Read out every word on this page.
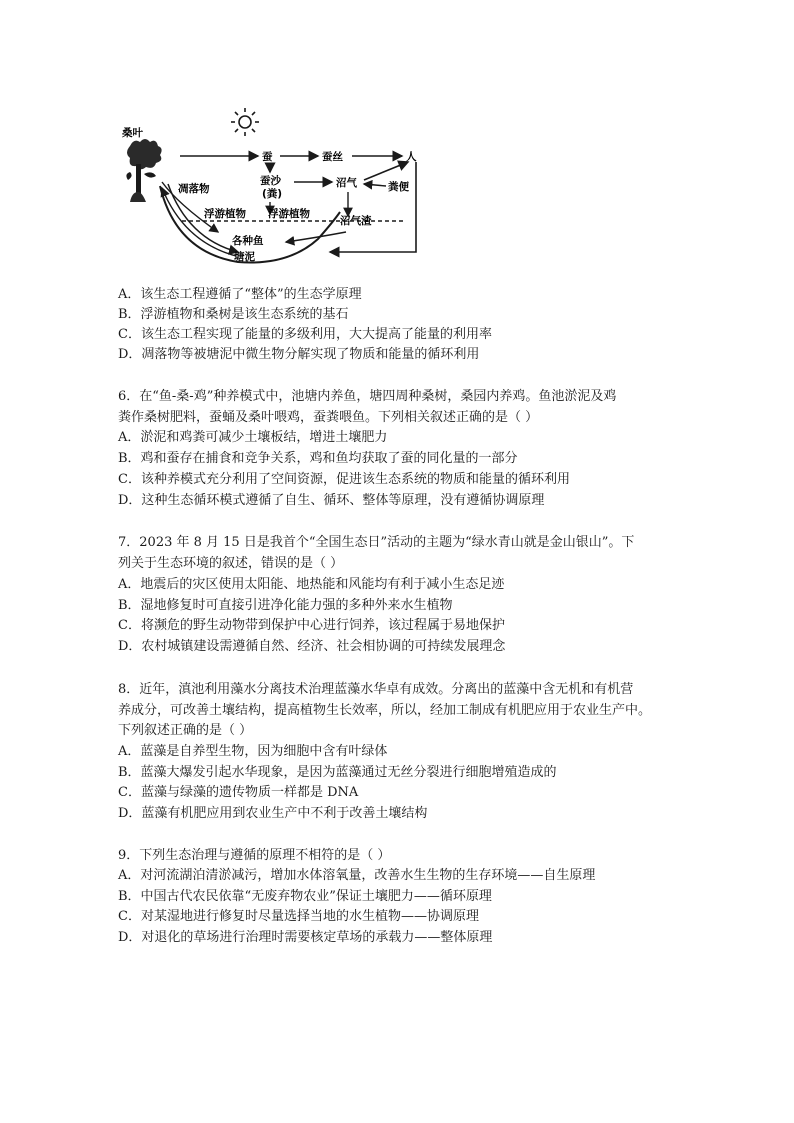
桑叶
蚕	蚕丝	人
凋落物
蚕沙
(粪)
沼气	粪便
浮游植物 浮游植物
沼气渣
各种鱼
塘泥
A．该生态工程遵循了“整体”的生态学原理
B．浮游植物和桑树是该生态系统的基石
C．该生态工程实现了能量的多级利用，大大提高了能量的利用率
D．凋落物等被塘泥中微生物分解实现了物质和能量的循环利用
6．在“鱼-桑-鸡”种养模式中，池塘内养鱼，塘四周种桑树，桑园内养鸡。鱼池淤泥及鸡
粪作桑树肥料，蚕蛹及桑叶喂鸡，蚕粪喂鱼。下列相关叙述正确的是（ ）
A．淤泥和鸡粪可减少土壤板结，增进土壤肥力
B．鸡和蚕存在捕食和竞争关系，鸡和鱼均获取了蚕的同化量的一部分
C．该种养模式充分利用了空间资源，促进该生态系统的物质和能量的循环利用
D．这种生态循环模式遵循了自生、循环、整体等原理，没有遵循协调原理
7．2023 年 8 月 15 日是我首个“全国生态日”活动的主题为“绿水青山就是金山银山”。下
列关于生态环境的叙述，错误的是（ ）
A．地震后的灾区使用太阳能、地热能和风能均有利于减小生态足迹
B．湿地修复时可直接引进净化能力强的多种外来水生植物
C．将濒危的野生动物带到保护中心进行饲养，该过程属于易地保护
D．农村城镇建设需遵循自然、经济、社会相协调的可持续发展理念
8．近年，滇池利用藻水分离技术治理蓝藻水华卓有成效。分离出的蓝藻中含无机和有机营
养成分，可改善土壤结构，提高植物生长效率，所以，经加工制成有机肥应用于农业生产中。
下列叙述正确的是（ ）
A．蓝藻是自养型生物，因为细胞中含有叶绿体
B．蓝藻大爆发引起水华现象，是因为蓝藻通过无丝分裂进行细胞增殖造成的
C．蓝藻与绿藻的遗传物质一样都是 DNA
D．蓝藻有机肥应用到农业生产中不利于改善土壤结构
9．下列生态治理与遵循的原理不相符的是（ ）
A．对河流湖泊清淤减污，增加水体溶氧量，改善水生生物的生存环境——自生原理
B．中国古代农民依靠“无废弃物农业”保证土壤肥力——循环原理
C．对某湿地进行修复时尽量选择当地的水生植物——协调原理
D．对退化的草场进行治理时需要核定草场的承载力——整体原理
